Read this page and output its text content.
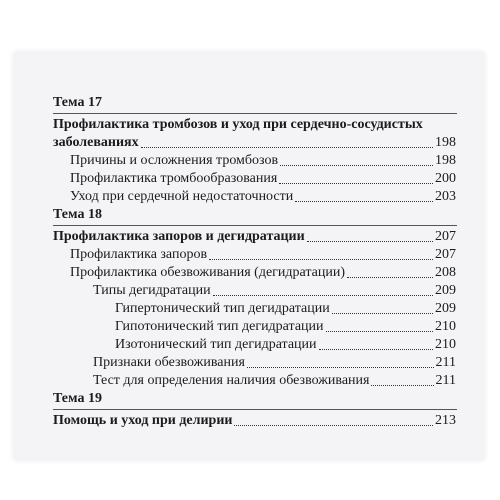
Тема 17
Профилактика тромбозов и уход при сердечно-сосудистых
заболеваниях	198
Причины и осложнения тромбозов	198
Профилактика тромбообразования	200
Уход при сердечной недостаточности	203
Тема 18
Профилактика запоров и дегидратации	207
Профилактика запоров	207
Профилактика обезвоживания (дегидратации)	208
Типы дегидратации	209
Гипертонический тип дегидратации	209
Гипотонический тип дегидратации	210
Изотонический тип дегидратации	210
Признаки обезвоживания	211
Тест для определения наличия обезвоживания	211
Тема 19
Помощь и уход при делирии	213
